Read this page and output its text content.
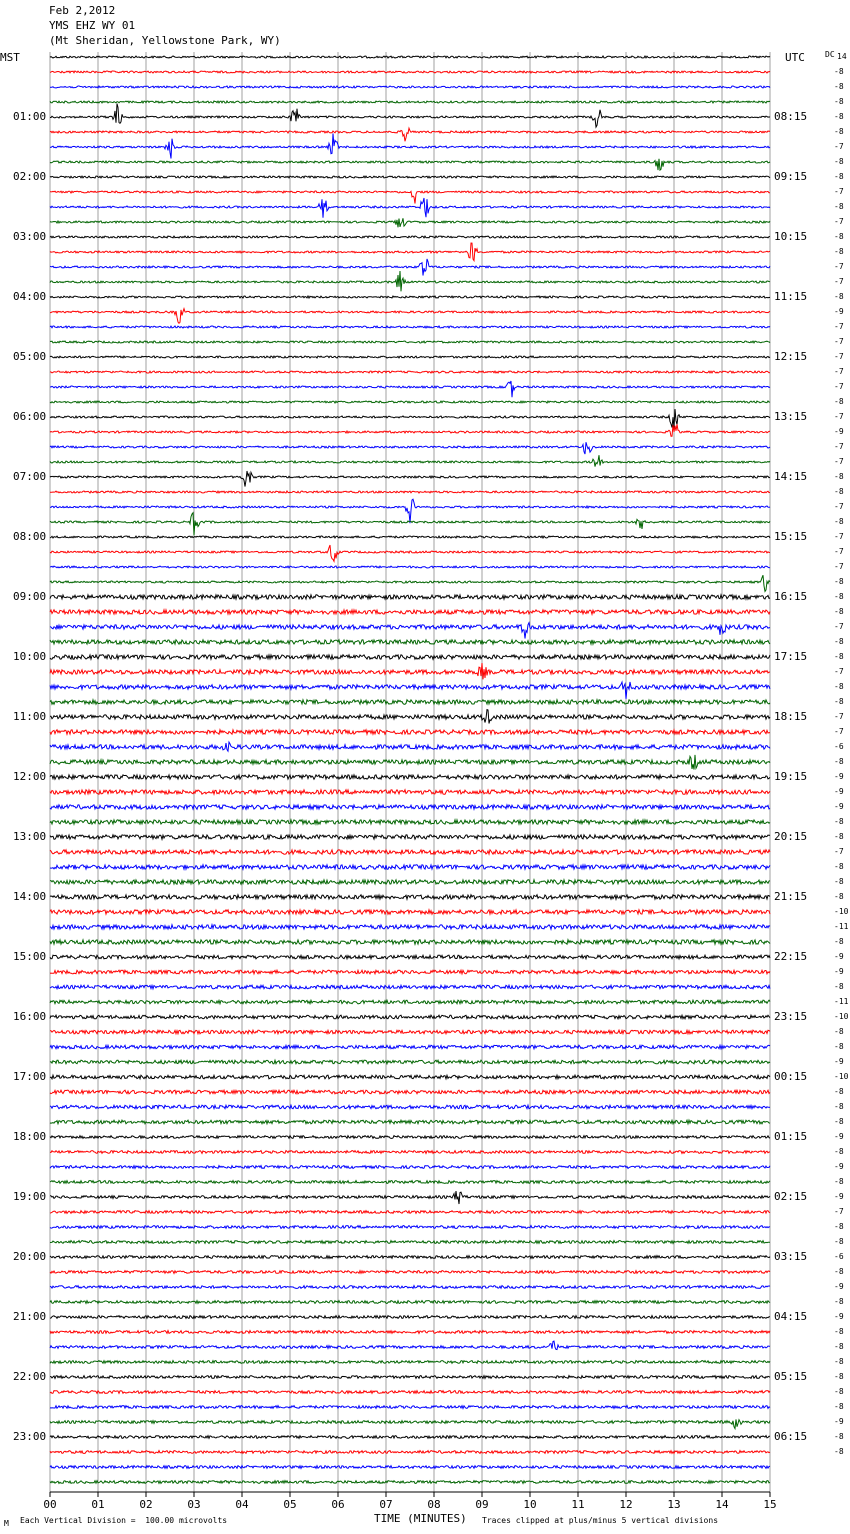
00	01	02	03	04	05	06	07	08	09	10	11	12	13	14	15
Feb 2,2012
YMS EHZ WY 01
(Mt Sheridan, Yellowstone Park, WY)
MST	UTC	DC
01:00
02:00
03:00
04:00
05:00
06:00
07:00
08:00
09:00
10:00
11:00
12:00
13:00
14:00
15:00
16:00
17:00
18:00
19:00
20:00
21:00
22:00
23:00
08:15
09:15
10:15
11:15
12:15
13:15
14:15
15:15
16:15
17:15
18:15
19:15
20:15
21:15
22:15
23:15
00:15
01:15
02:15
03:15
04:15
05:15
06:15
14
-8
-8
-8
-8
-8
-7
-8
-8
-7
-8
-7
-8
-8
-7
-7
-8
-9
-7
-7
-7
-7
-7
-8
-7
-9
-7
-7
-8
-8
-7
-8
-7
-7
-7
-8
-8
-8
-7
-8
-8
-7
-8
-8
-7
-7
-6
-8
-9
-9
-9
-8
-8
-7
-8
-8
-8
-10
-11
-8
-9
-9
-8
-11
-10
-8
-8
-9
-10
-8
-8
-8
-9
-8
-9
-8
-9
-7
-8
-8
-6
-8
-9
-8
-9
-8
-8
-8
-8
-8
-8
-9
-8
-8
M Each Vertical Division =  100.00 microvolts	TIME (MINUTES) Traces clipped at plus/minus 5 vertical divisions
